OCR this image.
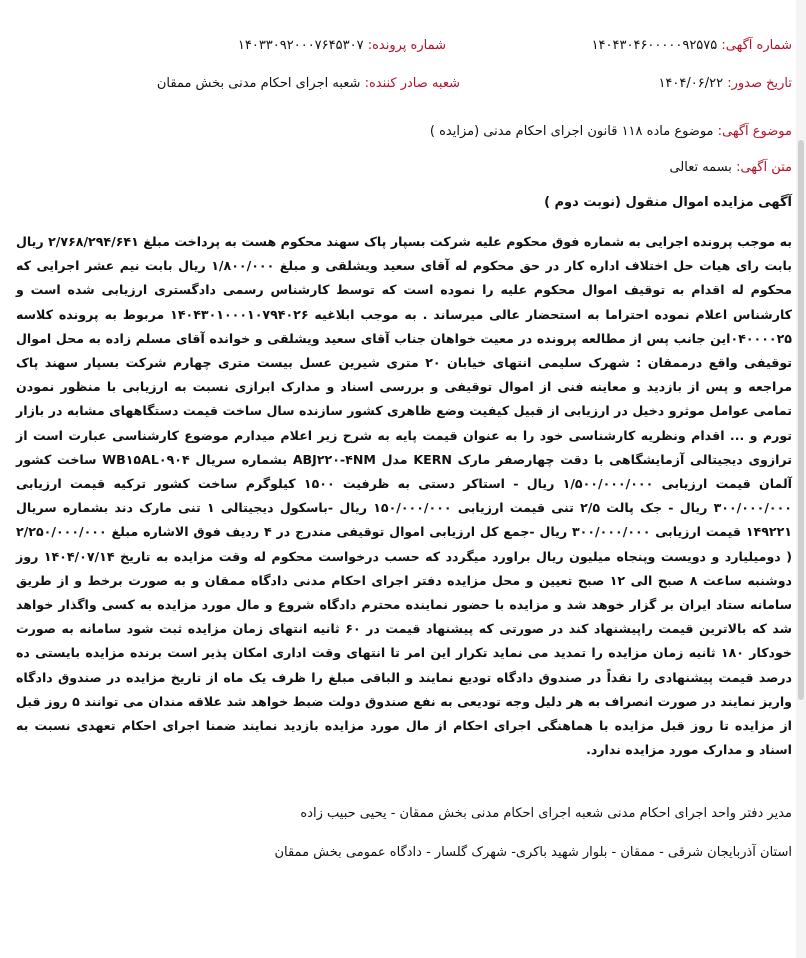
شماره آگهی: ۱۴۰۴۳۰۴۶۰۰۰۰۰۹۲۵۷۵
شماره پرونده: ۱۴۰۳۳۰۹۲۰۰۰۷۶۴۵۳۰۷
تاریخ صدور: ۱۴۰۴/۰۶/۲۲
شعبه صادر کننده: شعبه اجرای احکام مدنی بخش ممقان
موضوع آگهی: موضوع ماده ۱۱۸ قانون اجرای احکام مدنی (مزایده )
متن آگهی: بسمه تعالی
آگهی مزایده اموال منقول (نوبت دوم )
به موجب پرونده اجرایی به شماره فوق محکوم علیه شرکت بسپار پاک سهند محکوم هست به پرداخت مبلغ ۲/۷۶۸/۲۹۴/۶۴۱ ریال بابت رای هیات حل اختلاف اداره کار در حق محکوم له آقای سعید ویشلقی و مبلغ ۱/۸۰۰/۰۰۰ ریال بابت نیم عشر اجرایی که محکوم له اقدام به توقیف اموال محکوم علیه را نموده است که توسط کارشناس رسمی دادگستری ارزیابی شده است و کارشناس اعلام نموده احتراما به استحضار عالی میرساند . به موجب ابلاغیه ۱۴۰۴۳۰۱۰۰۰۱۰۷۹۴۰۲۶ مربوط به پرونده کلاسه ۰۴۰۰۰۰۲۵این جانب پس از مطالعه پرونده در معیت خواهان جناب آقای سعید ویشلقی و خوانده آقای مسلم زاده به محل اموال توقیفی واقع درممقان : شهرک سلیمی انتهای خیابان ۲۰ متری شیرین عسل بیست متری چهارم شرکت بسپار سهند پاک مراجعه و پس از بازدید و معاینه فنی از اموال توقیفی و بررسی اسناد و مدارک ابرازی نسبت به ارزیابی با منظور نمودن تمامی عوامل موثرو دخیل در ارزیابی از قبیل کیفیت وضع ظاهری کشور سازنده سال ساخت قیمت دستگاههای مشابه در بازار تورم و ... اقدام ونظریه کارشناسی خود را به عنوان قیمت پایه به شرح زیر اعلام میدارم موضوع کارشناسی عبارت است از ترازوی دیجیتالی آزمایشگاهی با دقت چهارصفر مارک KERN مدل ABJ۲۲۰-۴NM بشماره سریال WB۱۵AL۰۹۰۴ ساخت کشور آلمان قیمت ارزیابی ۱/۵۰۰/۰۰۰/۰۰۰ ریال - استاکر دستی به ظرفیت ۱۵۰۰ کیلوگرم ساخت کشور ترکیه قیمت ارزیابی ۳۰۰/۰۰۰/۰۰۰ ریال - جک پالت ۲/۵ تنی قیمت ارزیابی ۱۵۰/۰۰۰/۰۰۰ ریال -باسکول دیجیتالی ۱ تنی مارک دند بشماره سریال ۱۴۹۲۲۱ قیمت ارزیابی ۳۰۰/۰۰۰/۰۰۰ ریال -جمع کل ارزیابی اموال توقیفی مندرج در ۴ ردیف فوق الاشاره مبلغ ۲/۲۵۰/۰۰۰/۰۰۰ ( دومیلیارد و دویست وپنجاه میلیون ریال براورد میگردد که حسب درخواست محکوم له وقت مزایده به تاریخ ۱۴۰۴/۰۷/۱۴ روز دوشنبه ساعت ۸ صبح الی ۱۲ صبح تعیین و محل مزایده دفتر اجرای احکام مدنی دادگاه ممقان و به صورت برخط و از طریق سامانه ستاد ایران بر گزار خوهد شد و مزایده با حضور نماینده محترم دادگاه شروع و مال مورد مزایده به کسی واگذار خواهد شد که بالاترین قیمت راپیشنهاد کند در صورتی که پیشنهاد قیمت در ۶۰ ثانیه انتهای زمان مزایده ثبت شود سامانه به صورت خودکار ۱۸۰ ثانیه زمان مزایده را تمدید می نماید تکرار این امر تا انتهای وقت اداری امکان پذیر است برنده مزایده بایستی ده درصد قیمت پیشنهادی را نقداً در صندوق دادگاه تودیع نمایند و الباقی مبلغ را ظرف یک ماه از تاریخ مزایده در صندوق دادگاه واریز نمایند در صورت انصراف به هر دلیل وجه تودیعی به نفع صندوق دولت ضبط خواهد شد علاقه مندان می توانند ۵ روز قبل از مزایده تا روز قبل مزایده با هماهنگی اجرای احکام از مال مورد مزایده بازدید نمایند ضمنا اجرای احکام تعهدی نسبت به اسناد و مدارک مورد مزایده ندارد.
مدیر دفتر واحد اجرای احکام مدنی شعبه اجرای احکام مدنی بخش ممقان - یحیی حبیب زاده
استان آذربایجان شرقی - ممقان - بلوار شهید باکری- شهرک گلسار - دادگاه عمومی بخش ممقان
